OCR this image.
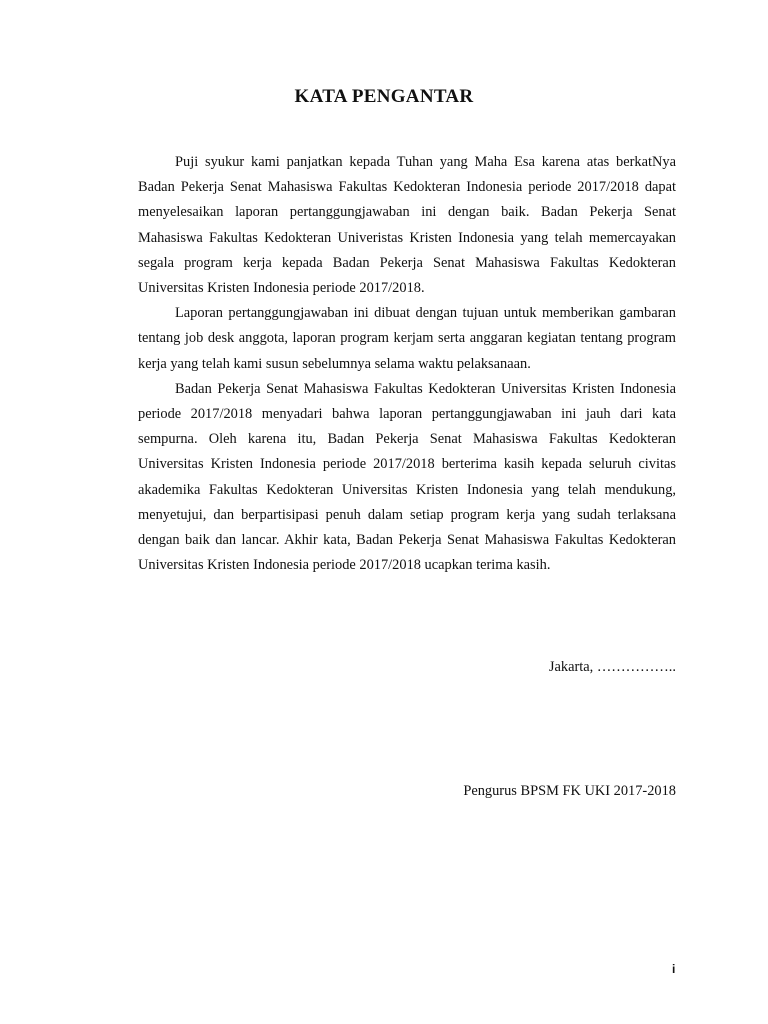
KATA PENGANTAR

Puji syukur kami panjatkan kepada Tuhan yang Maha Esa karena atas berkatNya Badan Pekerja Senat Mahasiswa Fakultas Kedokteran Indonesia periode 2017/2018 dapat menyelesaikan laporan pertanggungjawaban ini dengan baik. Badan Pekerja Senat Mahasiswa Fakultas Kedokteran Univeristas Kristen Indonesia yang telah memercayakan segala program kerja kepada Badan Pekerja Senat Mahasiswa Fakultas Kedokteran Universitas Kristen Indonesia periode 2017/2018.

Laporan pertanggungjawaban ini dibuat dengan tujuan untuk memberikan gambaran tentang job desk anggota, laporan program kerjam serta anggaran kegiatan tentang program kerja yang telah kami susun sebelumnya selama waktu pelaksanaan.

Badan Pekerja Senat Mahasiswa Fakultas Kedokteran Universitas Kristen Indonesia periode 2017/2018 menyadari bahwa laporan pertanggungjawaban ini jauh dari kata sempurna. Oleh karena itu, Badan Pekerja Senat Mahasiswa Fakultas Kedokteran Universitas Kristen Indonesia periode 2017/2018 berterima kasih kepada seluruh civitas akademika Fakultas Kedokteran Universitas Kristen Indonesia yang telah mendukung, menyetujui, dan berpartisipasi penuh dalam setiap program kerja yang sudah terlaksana dengan baik dan lancar. Akhir kata, Badan Pekerja Senat Mahasiswa Fakultas Kedokteran Universitas Kristen Indonesia periode 2017/2018 ucapkan terima kasih.

Jakarta, ……………..
Pengurus BPSM FK UKI 2017-2018
i
